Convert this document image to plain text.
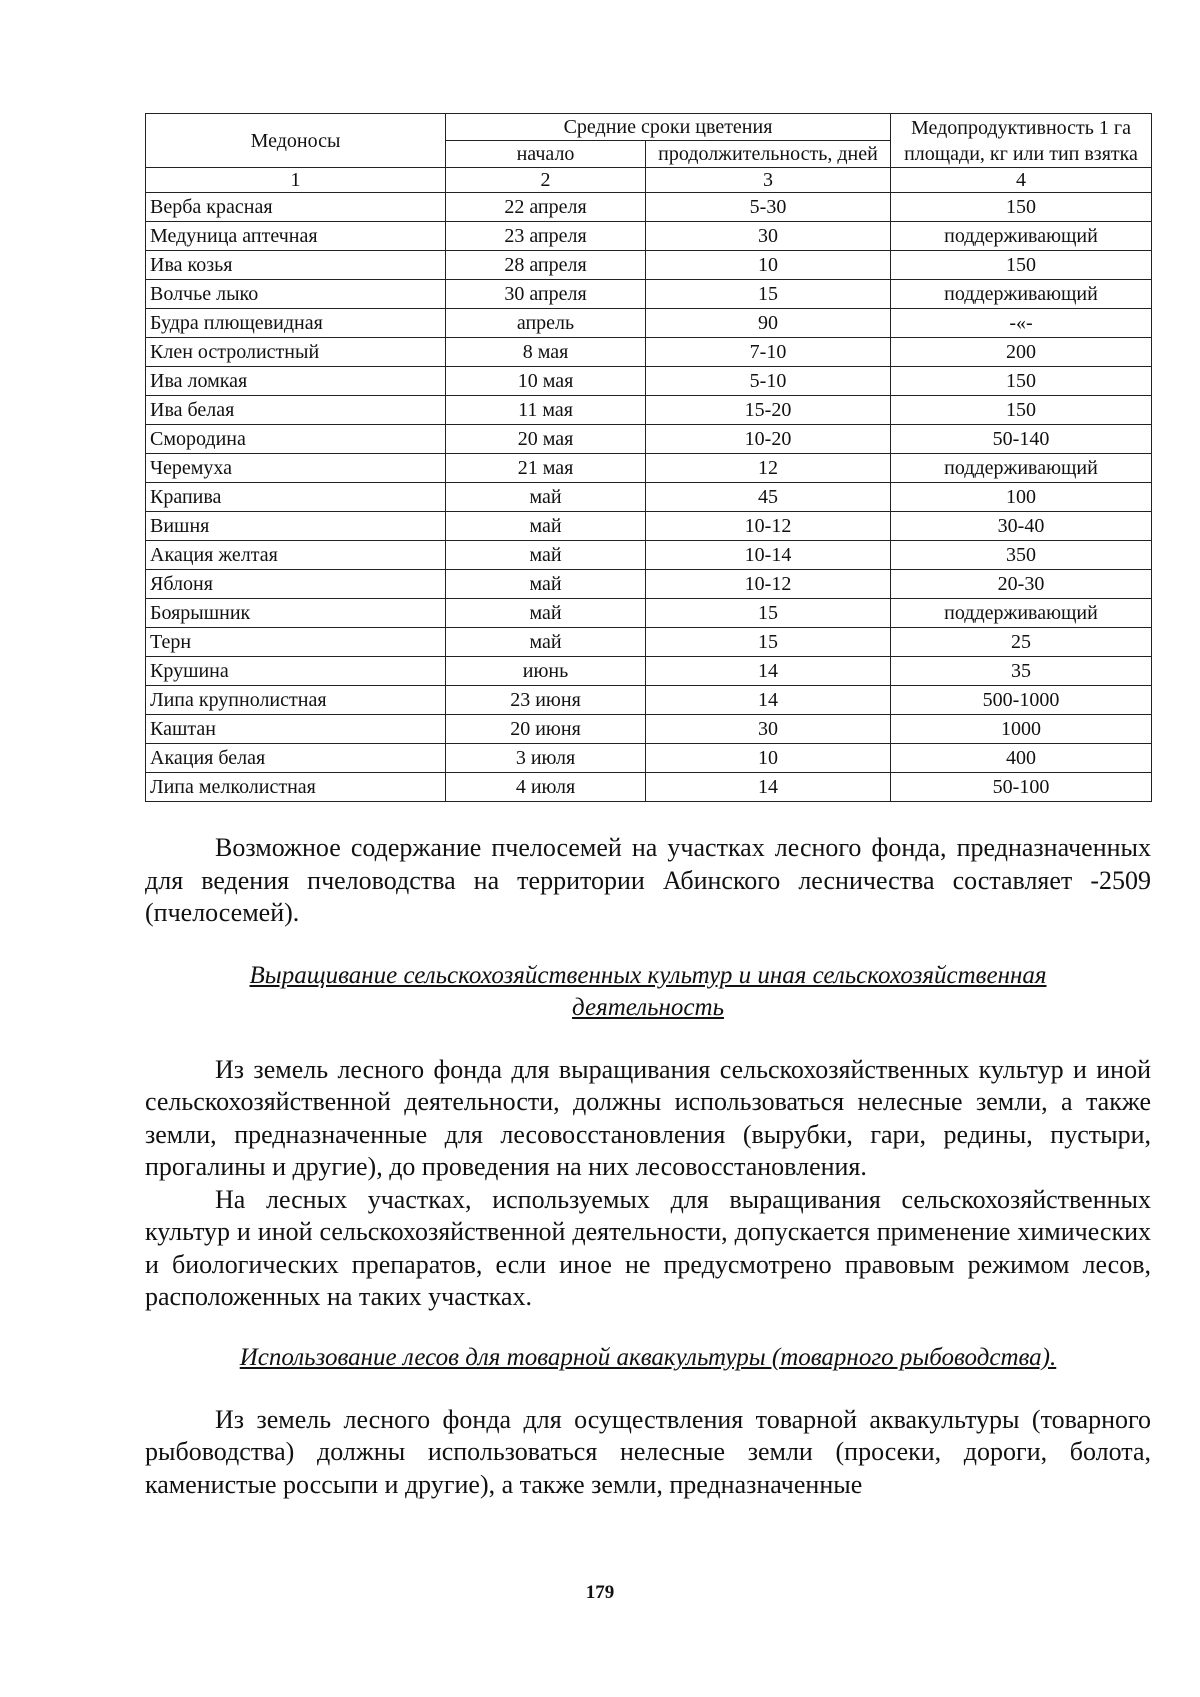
Медоносы	Средние сроки цветения		Медопродуктивность 1 га площади, кг или тип взятка
	начало	продолжительность, дней	
1	2	3	4
Верба красная	22 апреля	5-30	150
Медуница аптечная	23 апреля	30	поддерживающий
Ива козья	28 апреля	10	150
Волчье лыко	30 апреля	15	поддерживающий
Будра плющевидная	апрель	90	-«-
Клен остролистный	8 мая	7-10	200
Ива ломкая	10 мая	5-10	150
Ива белая	11 мая	15-20	150
Смородина	20 мая	10-20	50-140
Черемуха	21 мая	12	поддерживающий
Крапива	май	45	100
Вишня	май	10-12	30-40
Акация желтая	май	10-14	350
Яблоня	май	10-12	20-30
Боярышник	май	15	поддерживающий
Терн	май	15	25
Крушина	июнь	14	35
Липа крупнолистная	23 июня	14	500-1000
Каштан	20 июня	30	1000
Акация белая	3 июля	10	400
Липа мелколистная	4 июля	14	50-100

Возможное содержание пчелосемей на участках лесного фонда, предназначенных для ведения пчеловодства на территории Абинского лесничества составляет -2509 (пчелосемей).

Выращивание сельскохозяйственных культур и иная сельскохозяйственная деятельность

Из земель лесного фонда для выращивания сельскохозяйственных культур и иной сельскохозяйственной деятельности, должны использоваться нелесные земли, а также земли, предназначенные для лесовосстановления (вырубки, гари, редины, пустыри, прогалины и другие), до проведения на них лесовосстановления.

На лесных участках, используемых для выращивания сельскохозяйственных культур и иной сельскохозяйственной деятельности, допускается применение химических и биологических препаратов, если иное не предусмотрено правовым режимом лесов, расположенных на таких участках.

Использование лесов для товарной аквакультуры (товарного рыбоводства).

Из земель лесного фонда для осуществления товарной аквакультуры (товарного рыбоводства) должны использоваться нелесные земли (просеки, дороги, болота, каменистые россыпи и другие), а также земли, предназначенные

179
